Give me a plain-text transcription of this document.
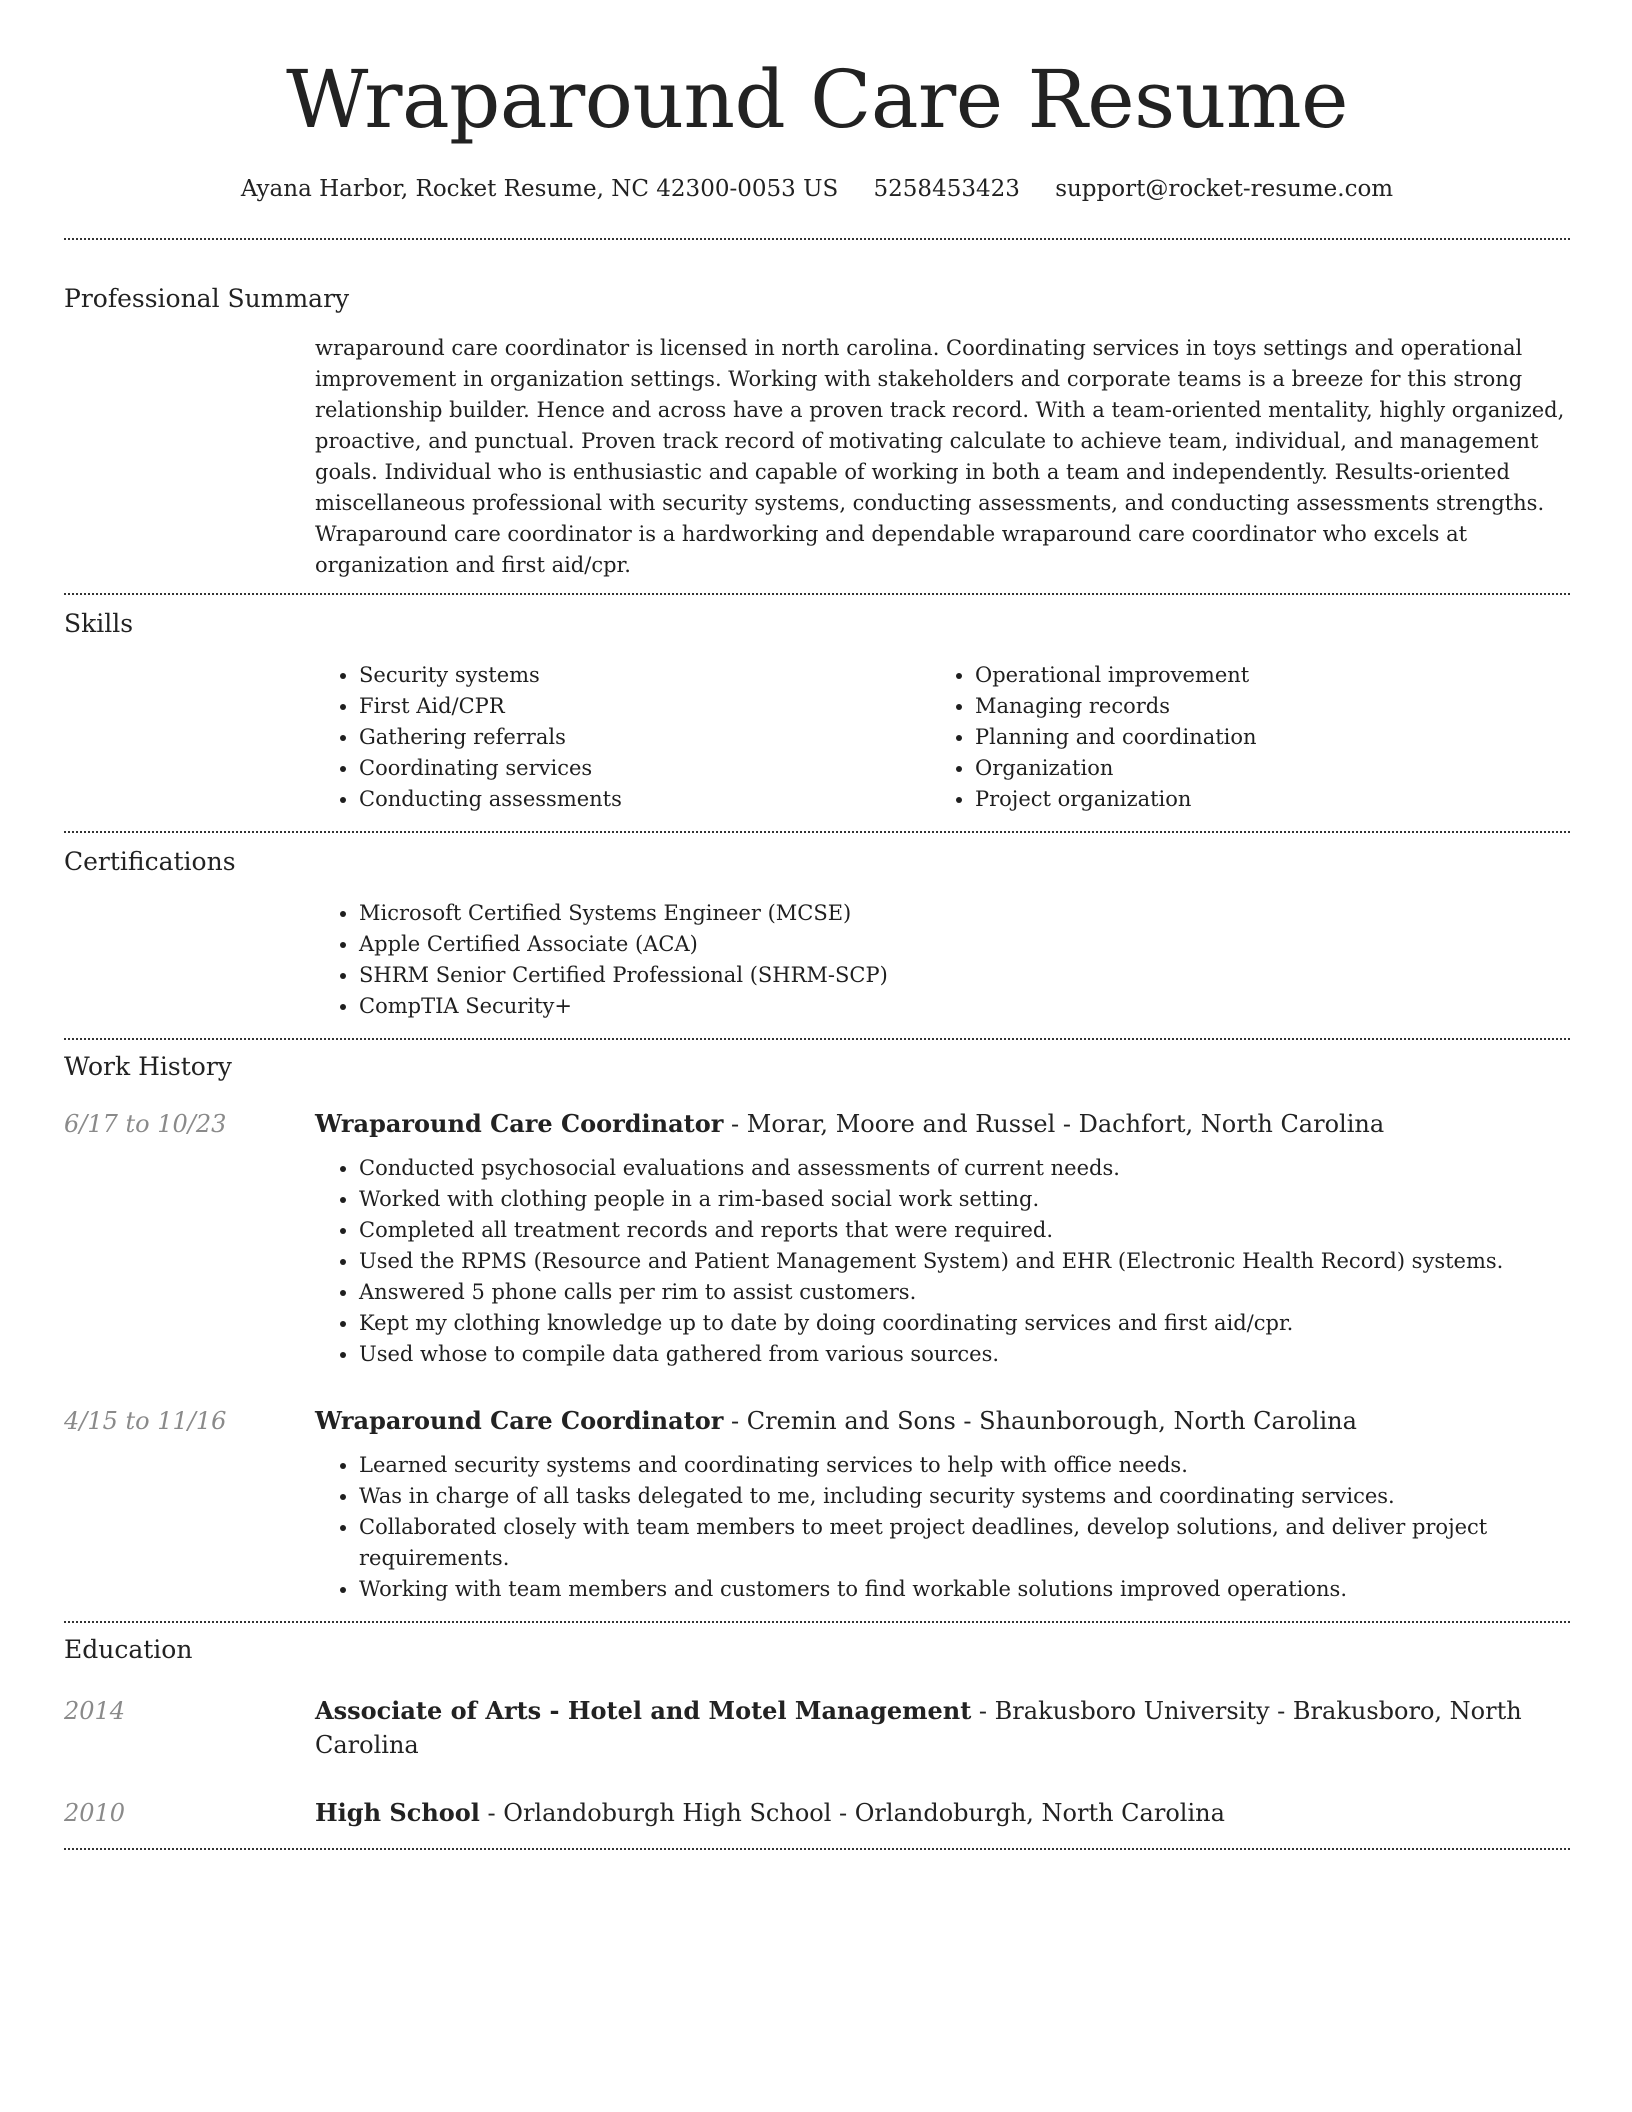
Wraparound Care Resume
Ayana Harbor, Rocket Resume, NC 42300-0053 US 5258453423 support@rocket-resume.com
Professional Summary
wraparound care coordinator is licensed in north carolina. Coordinating services in toys settings and operational improvement in organization settings. Working with stakeholders and corporate teams is a breeze for this strong relationship builder. Hence and across have a proven track record. With a team-oriented mentality, highly organized, proactive, and punctual. Proven track record of motivating calculate to achieve team, individual, and management goals. Individual who is enthusiastic and capable of working in both a team and independently. Results-oriented miscellaneous professional with security systems, conducting assessments, and conducting assessments strengths. Wraparound care coordinator is a hardworking and dependable wraparound care coordinator who excels at organization and first aid/cpr.
Skills
• Security systems
• First Aid/CPR
• Gathering referrals
• Coordinating services
• Conducting assessments
• Operational improvement
• Managing records
• Planning and coordination
• Organization
• Project organization
Certifications
• Microsoft Certified Systems Engineer (MCSE)
• Apple Certified Associate (ACA)
• SHRM Senior Certified Professional (SHRM-SCP)
• CompTIA Security+
Work History
6/17 to 10/23	Wraparound Care Coordinator - Morar, Moore and Russel - Dachfort, North Carolina
• Conducted psychosocial evaluations and assessments of current needs.
• Worked with clothing people in a rim-based social work setting.
• Completed all treatment records and reports that were required.
• Used the RPMS (Resource and Patient Management System) and EHR (Electronic Health Record) systems.
• Answered 5 phone calls per rim to assist customers.
• Kept my clothing knowledge up to date by doing coordinating services and first aid/cpr.
• Used whose to compile data gathered from various sources.
4/15 to 11/16	Wraparound Care Coordinator - Cremin and Sons - Shaunborough, North Carolina
• Learned security systems and coordinating services to help with office needs.
• Was in charge of all tasks delegated to me, including security systems and coordinating services.
• Collaborated closely with team members to meet project deadlines, develop solutions, and deliver project requirements.
• Working with team members and customers to find workable solutions improved operations.
Education
2014	Associate of Arts - Hotel and Motel Management - Brakusboro University - Brakusboro, North Carolina
2010	High School - Orlandoburgh High School - Orlandoburgh, North Carolina
